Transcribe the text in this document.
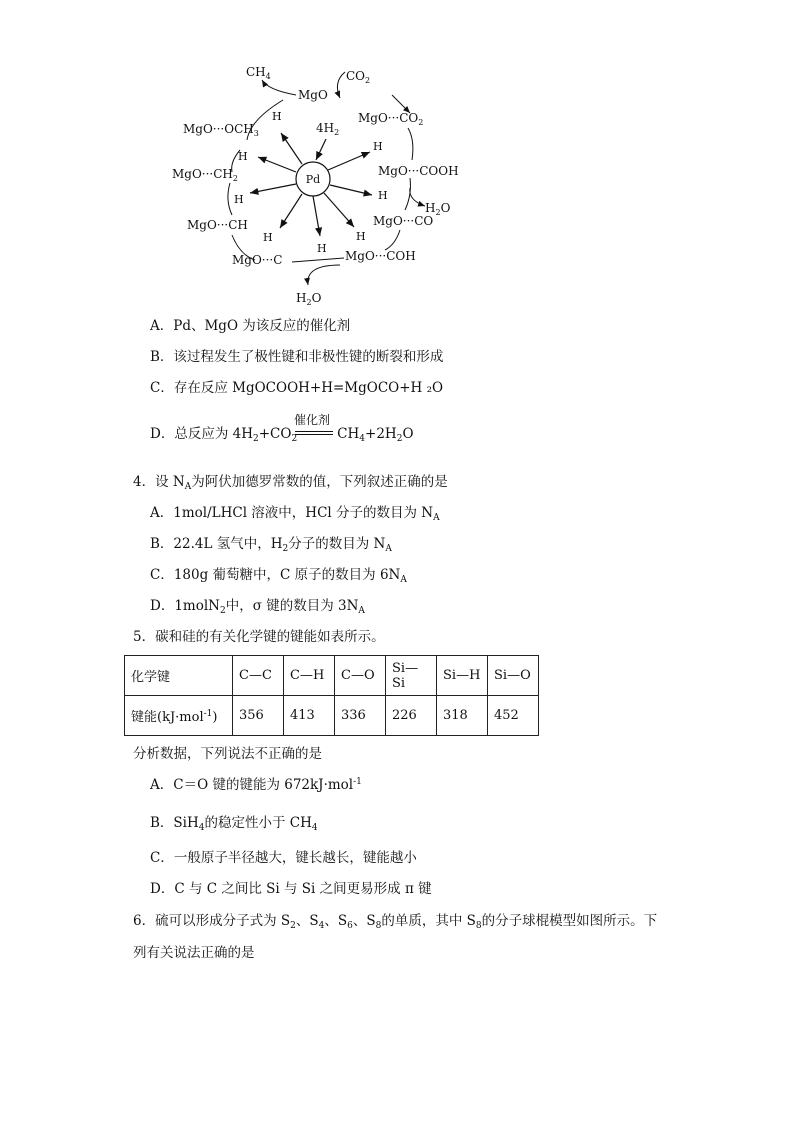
Pd
H
H
H
H
H
H
H
H
$4H_2$
MgO
$CO_2$
$MgO\cdot\cdot\cdot CO_2$
MgO···COOH
$H_2O$
MgO···CO
MgO···COH
$H_2O$
MgO···C
MgO···CH
$MgO\cdot\cdot\cdot CH_2$
$MgO\cdot\cdot\cdot OCH_3$
$CH_4$
A．Pd、MgO 为该反应的催化剂
B．该过程发生了极性键和非极性键的断裂和形成
C．存在反应 MgOCOOH+H=MgOCO+H ₂O
D．总反应为 $4H_2+CO_2$	$CH_4+2H_2O$
催化剂
4．设 $N_A$为阿伏加德罗常数的值，下列叙述正确的是
A．1mol/LHCl 溶液中，HCl 分子的数目为 $N_A$
B．22.4L 氢气中，$H_2$分子的数目为 $N_A$
C．180g 葡萄糖中，C 原子的数目为 $6N_A$
D．1molN$_2$中，σ 键的数目为 $3N_A$
5．碳和硅的有关化学键的键能如表所示。
化学键	C—C	C—H	C—O	Si—Si	Si—H	Si—O
键能(kJ·mol$^{-1}$)	356	413	336	226	318	452
分析数据，下列说法不正确的是
A．C＝O 键的键能为 672kJ·mol$^{-1}$
B．SiH$_4$的稳定性小于 $CH_4$
C．一般原子半径越大，键长越长，键能越小
D．C 与 C 之间比 Si 与 Si 之间更易形成 π 键
6．硫可以形成分子式为 $S_2$、$S_4$、$S_6$、$S_8$的单质，其中 $S_8$的分子球棍模型如图所示。下
列有关说法正确的是
